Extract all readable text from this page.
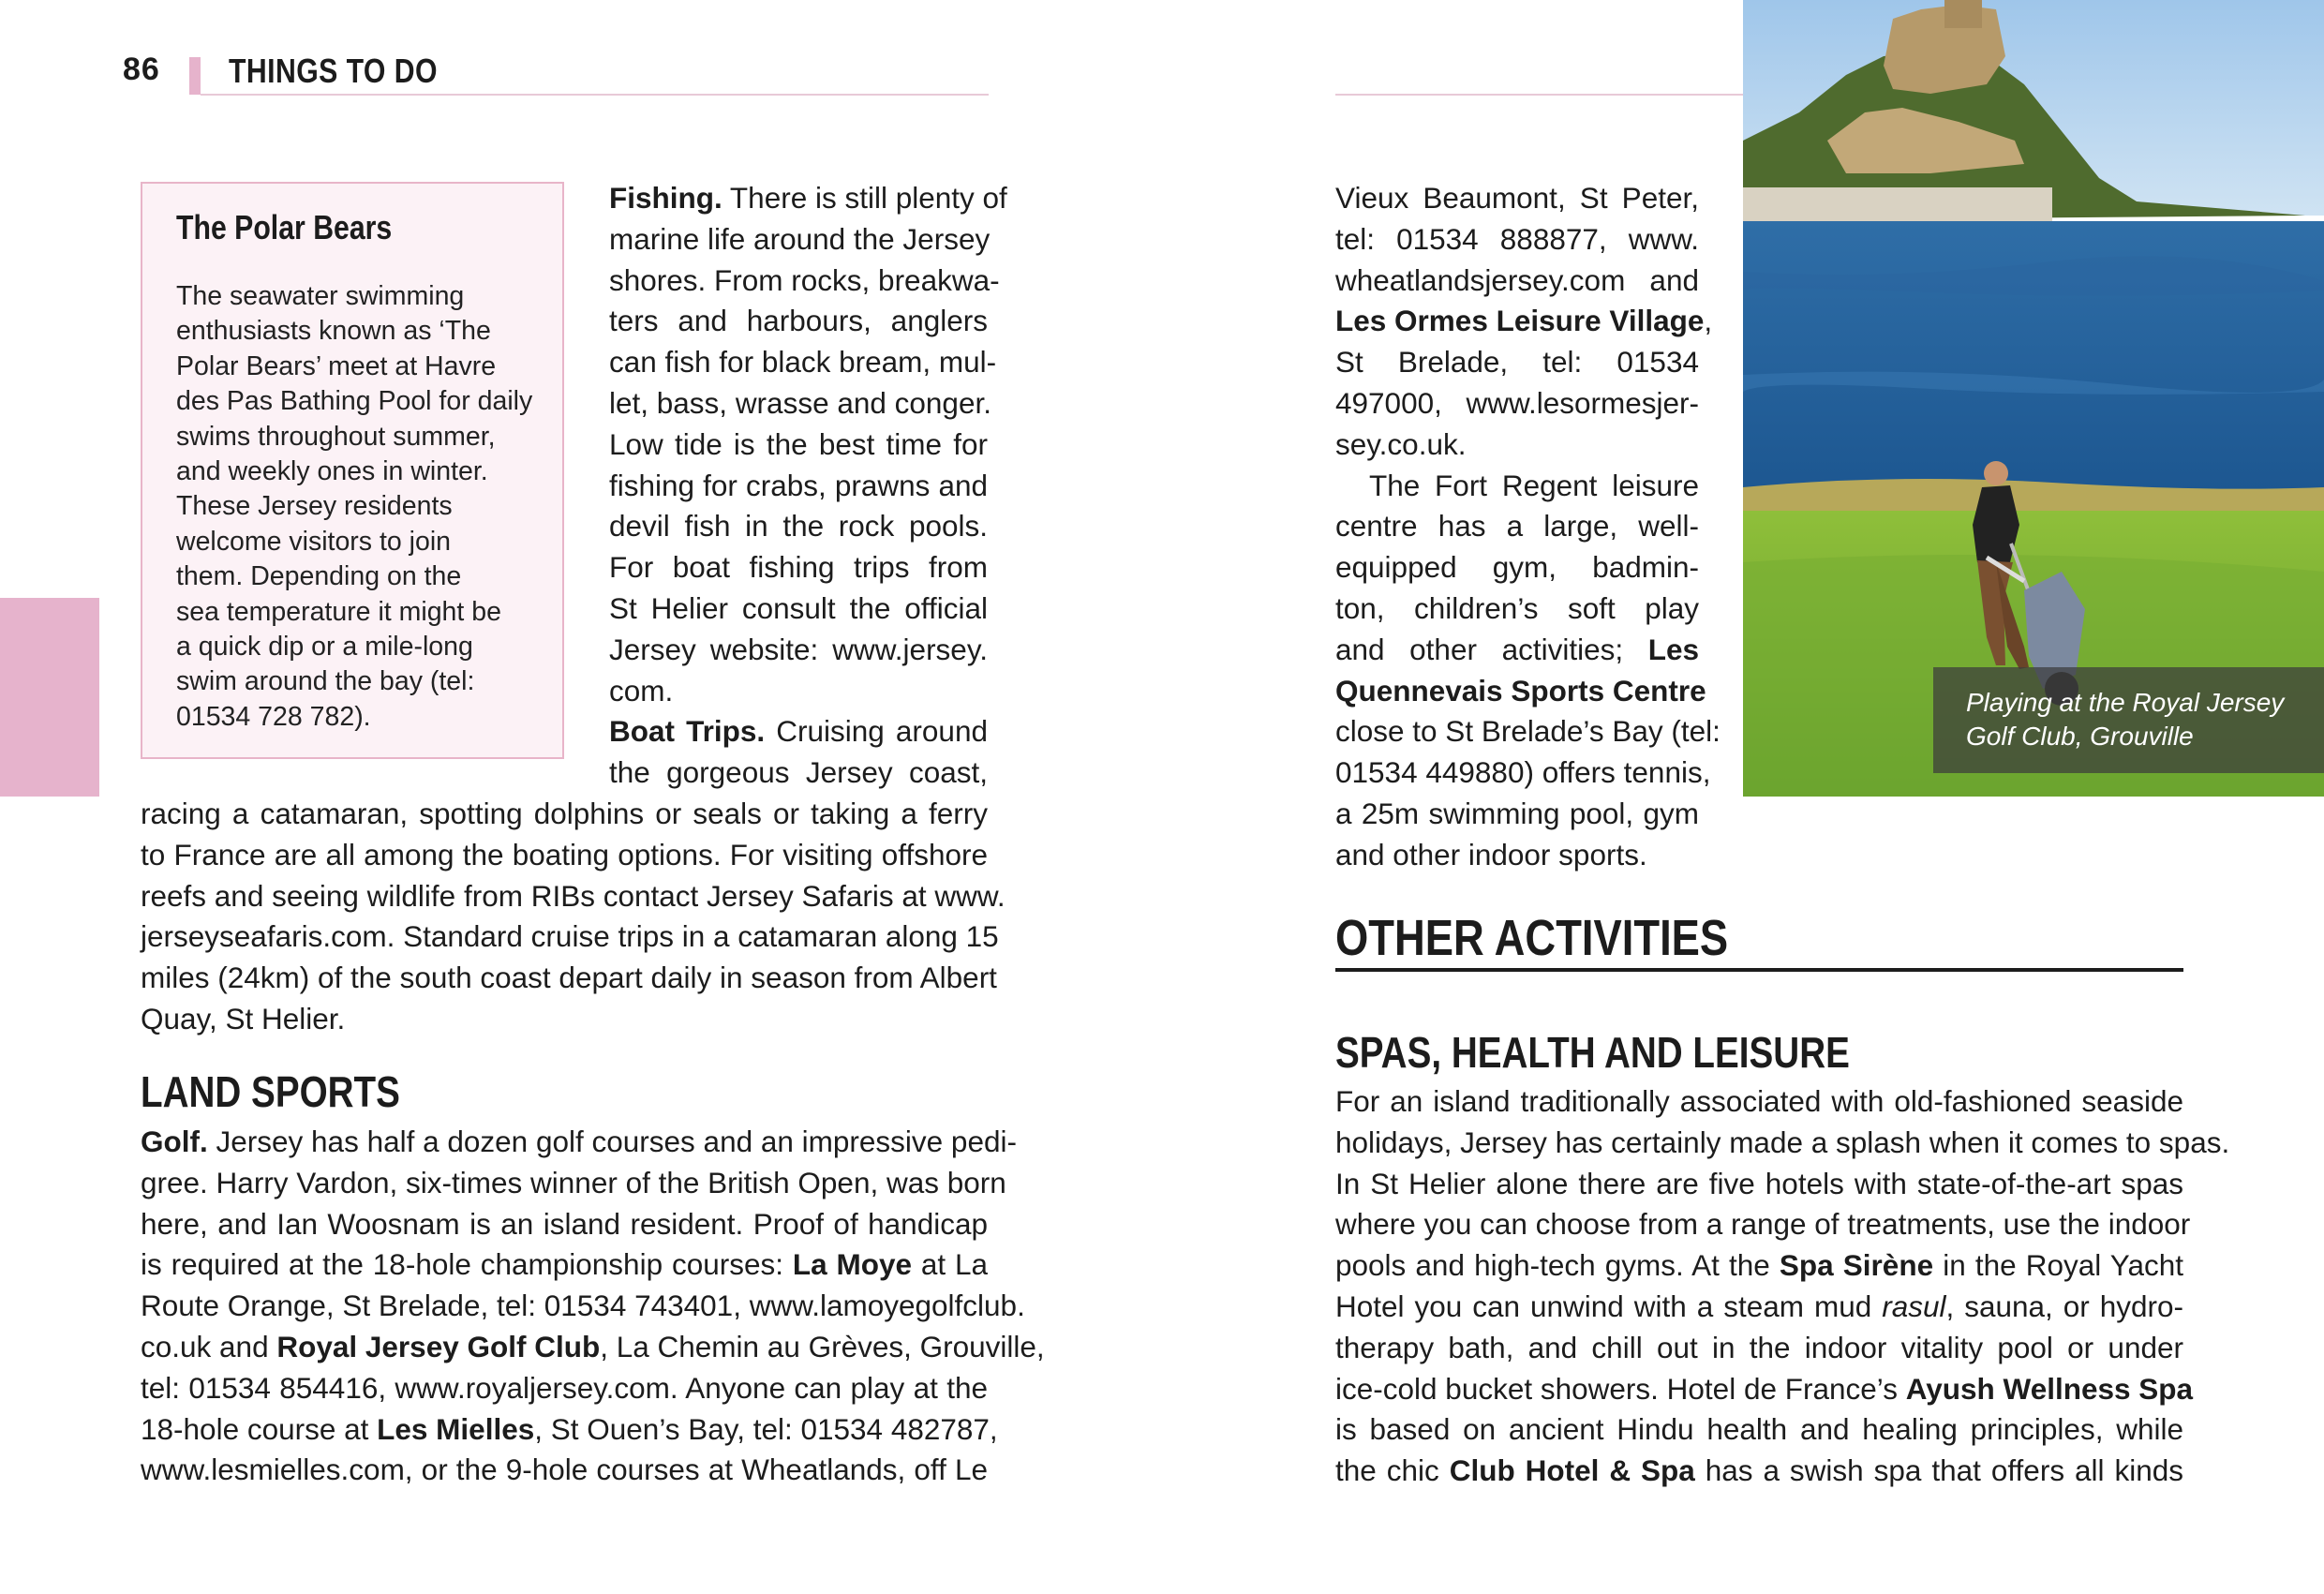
86 THINGS TO DO
The Polar Bears
The seawater swimming
enthusiasts known as ‘The
Polar Bears’ meet at Havre
des Pas Bathing Pool for daily
swims throughout summer,
and weekly ones in winter.
These Jersey residents
welcome visitors to join
them. Depending on the
sea temperature it might be
a quick dip or a mile-long
swim around the bay (tel:
01534 728 782).
Fishing. There is still plenty of
marine life around the Jersey
shores. From rocks, breakwa-
ters and harbours, anglers
can fish for black bream, mul-
let, bass, wrasse and conger.
Low tide is the best time for
fishing for crabs, prawns and
devil fish in the rock pools.
For boat fishing trips from
St Helier consult the official
Jersey website: www.jersey.
com.
Boat Trips. Cruising around
the gorgeous Jersey coast,
racing a catamaran, spotting dolphins or seals or taking a ferry
to France are all among the boating options. For visiting offshore
reefs and seeing wildlife from RIBs contact Jersey Safaris at www.
jerseyseafaris.com. Standard cruise trips in a catamaran along 15
miles (24km) of the south coast depart daily in season from Albert
Quay, St Helier.
LAND SPORTS
Golf. Jersey has half a dozen golf courses and an impressive pedi-
gree. Harry Vardon, six-times winner of the British Open, was born
here, and Ian Woosnam is an island resident. Proof of handicap
is required at the 18-hole championship courses: La Moye at La
Route Orange, St Brelade, tel: 01534 743401, www.lamoyegolfclub.
co.uk and Royal Jersey Golf Club, La Chemin au Grèves, Grouville,
tel: 01534 854416, www.royaljersey.com. Anyone can play at the
18-hole course at Les Mielles, St Ouen’s Bay, tel: 01534 482787,
www.lesmielles.com, or the 9-hole courses at Wheatlands, off Le
Vieux Beaumont, St Peter,
tel: 01534 888877, www.
wheatlandsjersey.com and
Les Ormes Leisure Village,
St Brelade, tel: 01534
497000, www.lesormesjer-
sey.co.uk.
The Fort Regent leisure
centre has a large, well-
equipped gym, badmin-
ton, children’s soft play
and other activities; Les
Quennevais Sports Centre
close to St Brelade’s Bay (tel:
01534 449880) offers tennis,
a 25m swimming pool, gym
and other indoor sports.
Playing at the Royal Jersey
Golf Club, Grouville
OTHER ACTIVITIES
SPAS, HEALTH AND LEISURE
For an island traditionally associated with old-fashioned seaside
holidays, Jersey has certainly made a splash when it comes to spas.
In St Helier alone there are five hotels with state-of-the-art spas
where you can choose from a range of treatments, use the indoor
pools and high-tech gyms. At the Spa Sirène in the Royal Yacht
Hotel you can unwind with a steam mud rasul, sauna, or hydro-
therapy bath, and chill out in the indoor vitality pool or under
ice-cold bucket showers. Hotel de France’s Ayush Wellness Spa
is based on ancient Hindu health and healing principles, while
the chic Club Hotel & Spa has a swish spa that offers all kinds
